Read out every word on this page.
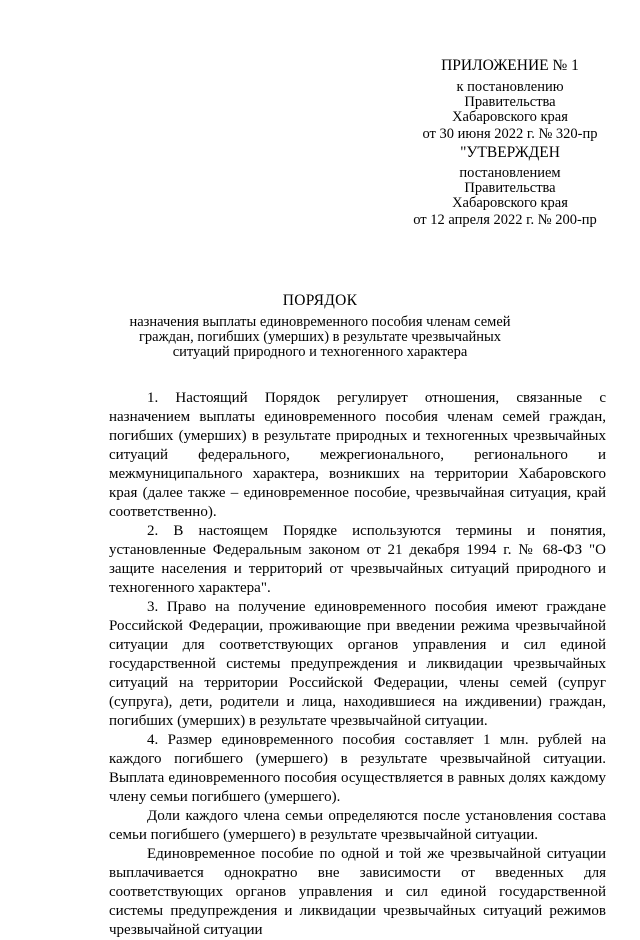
ПРИЛОЖЕНИЕ № 1
к постановлению
Правительства
Хабаровского края
от 30 июня 2022 г. № 320-пр
"УТВЕРЖДЕН
постановлением
Правительства
Хабаровского края
от 12 апреля 2022 г. № 200-пр
ПОРЯДОК
назначения выплаты единовременного пособия членам семей граждан, погибших (умерших) в результате чрезвычайных ситуаций природного и техногенного характера

1. Настоящий Порядок регулирует отношения, связанные с назначением выплаты единовременного пособия членам семей граждан, погибших (умерших) в результате природных и техногенных чрезвычайных ситуаций федерального, межрегионального, регионального и межмуниципального характера, возникших на территории Хабаровского края (далее также – единовременное пособие, чрезвычайная ситуация, край соответственно).

2. В настоящем Порядке используются термины и понятия, установленные Федеральным законом от 21 декабря 1994 г. № 68-ФЗ "О защите населения и территорий от чрезвычайных ситуаций природного и техногенного характера".

3. Право на получение единовременного пособия имеют граждане Российской Федерации, проживающие при введении режима чрезвычайной ситуации для соответствующих органов управления и сил единой государственной системы предупреждения и ликвидации чрезвычайных ситуаций на территории Российской Федерации, члены семей (супруг (супруга), дети, родители и лица, находившиеся на иждивении) граждан, погибших (умерших) в результате чрезвычайной ситуации.

4. Размер единовременного пособия составляет 1 млн. рублей на каждого погибшего (умершего) в результате чрезвычайной ситуации. Выплата единовременного пособия осуществляется в равных долях каждому члену семьи погибшего (умершего).

Доли каждого члена семьи определяются после установления состава семьи погибшего (умершего) в результате чрезвычайной ситуации.

Единовременное пособие по одной и той же чрезвычайной ситуации выплачивается однократно вне зависимости от введенных для соответствующих органов управления и сил единой государственной системы предупреждения и ликвидации чрезвычайных ситуаций режимов чрезвычайной ситуации
